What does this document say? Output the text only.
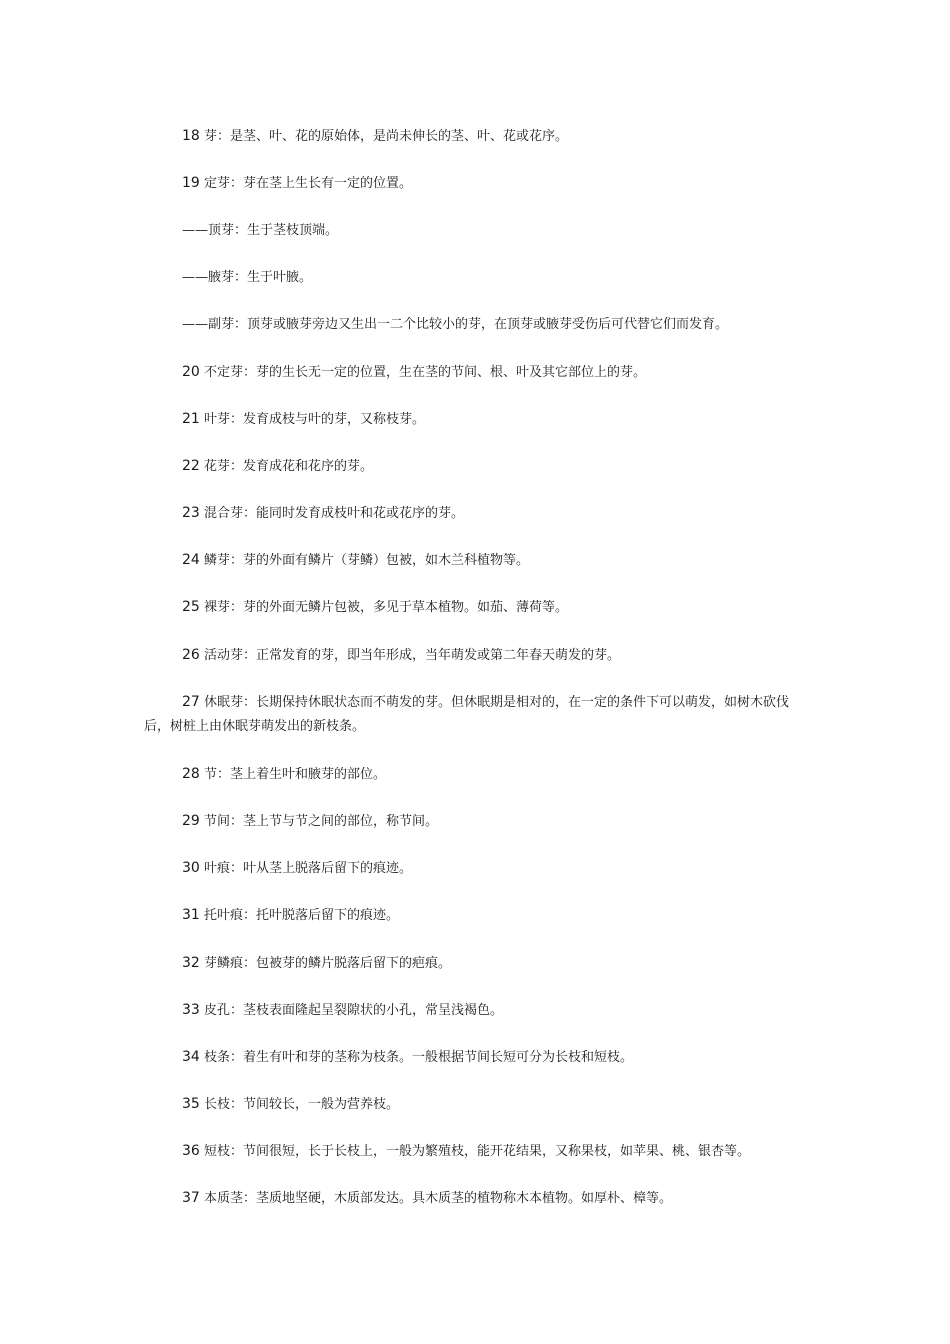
18 芽：是茎、叶、花的原始体，是尚未伸长的茎、叶、花或花序。

19 定芽：芽在茎上生长有一定的位置。

——顶芽：生于茎枝顶端。

——腋芽：生于叶腋。

——副芽：顶芽或腋芽旁边又生出一二个比较小的芽，在顶芽或腋芽受伤后可代替它们而发育。

20 不定芽：芽的生长无一定的位置，生在茎的节间、根、叶及其它部位上的芽。

21 叶芽：发育成枝与叶的芽，又称枝芽。

22 花芽：发育成花和花序的芽。

23 混合芽：能同时发育成枝叶和花或花序的芽。

24 鳞芽：芽的外面有鳞片（芽鳞）包被，如木兰科植物等。

25 裸芽：芽的外面无鳞片包被，多见于草本植物。如茄、薄荷等。

26 活动芽：正常发育的芽，即当年形成，当年萌发或第二年春天萌发的芽。

27 休眠芽：长期保持休眠状态而不萌发的芽。但休眠期是相对的，在一定的条件下可以萌发，如树木砍伐后，树桩上由休眠芽萌发出的新枝条。

28 节：茎上着生叶和腋芽的部位。

29 节间：茎上节与节之间的部位，称节间。

30 叶痕：叶从茎上脱落后留下的痕迹。

31 托叶痕：托叶脱落后留下的痕迹。

32 芽鳞痕：包被芽的鳞片脱落后留下的疤痕。

33 皮孔：茎枝表面隆起呈裂隙状的小孔，常呈浅褐色。

34 枝条：着生有叶和芽的茎称为枝条。一般根据节间长短可分为长枝和短枝。

35 长枝：节间较长，一般为营养枝。

36 短枝：节间很短，长于长枝上，一般为繁殖枝，能开花结果，又称果枝，如苹果、桃、银杏等。

37 本质茎：茎质地坚硬，木质部发达。具木质茎的植物称木本植物。如厚朴、樟等。
